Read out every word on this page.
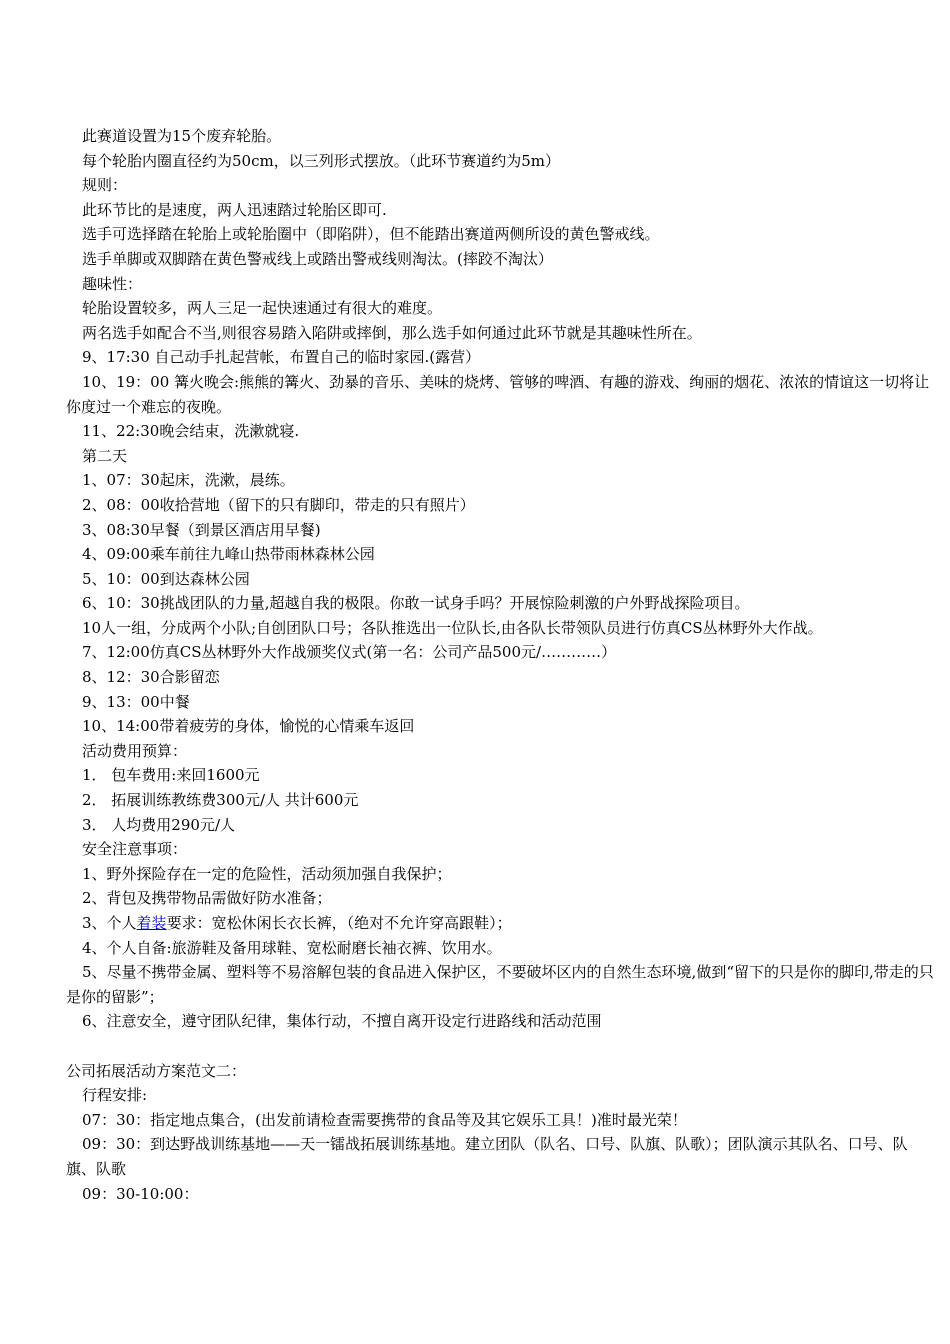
此赛道设置为15个废弃轮胎。

每个轮胎内圈直径约为50cm，以三列形式摆放。（此环节赛道约为5m）

规则：

此环节比的是速度，两人迅速踏过轮胎区即可.

选手可选择踏在轮胎上或轮胎圈中（即陷阱），但不能踏出赛道两侧所设的黄色警戒线。

选手单脚或双脚踏在黄色警戒线上或踏出警戒线则淘汰。(摔跤不淘汰）

趣味性：

轮胎设置较多，两人三足一起快速通过有很大的难度。

两名选手如配合不当,则很容易踏入陷阱或摔倒，那么选手如何通过此环节就是其趣味性所在。

9、17:30 自己动手扎起营帐，布置自己的临时家园.(露营）

10、19：00 篝火晚会:熊熊的篝火、劲暴的音乐、美味的烧烤、管够的啤酒、有趣的游戏、绚丽的烟花、浓浓的情谊这一切将让你度过一个难忘的夜晚。

11、22:30晚会结束，洗漱就寝.

第二天

1、07：30起床，洗漱，晨练。

2、08：00收拾营地（留下的只有脚印，带走的只有照片）

3、08:30早餐（到景区酒店用早餐)

4、09:00乘车前往九峰山热带雨林森林公园

5、10：00到达森林公园

6、10：30挑战团队的力量,超越自我的极限。你敢一试身手吗？开展惊险刺激的户外野战探险项目。

10人一组，分成两个小队;自创团队口号；各队推选出一位队长,由各队长带领队员进行仿真CS丛林野外大作战。

7、12:00仿真CS丛林野外大作战颁奖仪式(第一名：公司产品500元/…………）

8、12：30合影留恋

9、13：00中餐

10、14:00带着疲劳的身体，愉悦的心情乘车返回

活动费用预算：

1． 包车费用:来回1600元

2． 拓展训练教练费300元/人 共计600元

3． 人均费用290元/人

安全注意事项：

1、野外探险存在一定的危险性，活动须加强自我保护；

2、背包及携带物品需做好防水准备；

3、个人着装要求：宽松休闲长衣长裤，（绝对不允许穿高跟鞋）；

4、个人自备:旅游鞋及备用球鞋、宽松耐磨长袖衣裤、饮用水。

5、尽量不携带金属、塑料等不易溶解包装的食品进入保护区，不要破坏区内的自然生态环境,做到“留下的只是你的脚印,带走的只是你的留影”；

6、注意安全，遵守团队纪律，集体行动，不擅自离开设定行进路线和活动范围

公司拓展活动方案范文二：

行程安排:

07：30：指定地点集合，(出发前请检查需要携带的食品等及其它娱乐工具！)准时最光荣！

09：30：到达野战训练基地——天一镭战拓展训练基地。建立团队（队名、口号、队旗、队歌）；团队演示其队名、口号、队旗、队歌

09：30-10:00：
